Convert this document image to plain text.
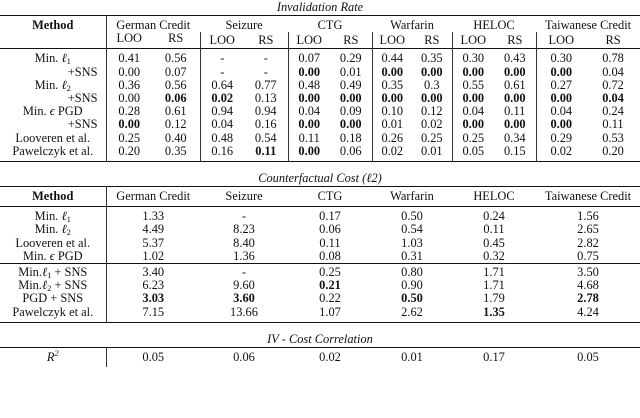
Invalidation Rate
Method	German Credit		Seizure		CTG		Warfarin		HELOC		Taiwanese Credit	
	LOO	RS	LOO	RS	LOO	RS	LOO	RS	LOO	RS	LOO	RS
Min. ℓ$_1$	0.41	0.56	-	-	0.07	0.29	0.44	0.35	0.30	0.43	0.30	0.78
+SNS	0.00	0.07	-	-	0.00	0.01	0.00	0.00	0.00	0.00	0.00	0.04
Min. ℓ$_2$	0.36	0.56	0.64	0.77	0.48	0.49	0.35	0.3	0.55	0.61	0.27	0.72
+SNS	0.00	0.06	0.02	0.13	0.00	0.00	0.00	0.00	0.00	0.00	0.00	0.04
Min. ϵ PGD	0.28	0.61	0.94	0.94	0.04	0.09	0.10	0.12	0.04	0.11	0.04	0.24
+SNS	0.00	0.12	0.04	0.16	0.00	0.00	0.01	0.02	0.00	0.00	0.00	0.11
Looveren et al.	0.25	0.40	0.48	0.54	0.11	0.18	0.26	0.25	0.25	0.34	0.29	0.53
Pawelczyk et al.	0.20	0.35	0.16	0.11	0.00	0.06	0.02	0.01	0.05	0.15	0.02	0.20
Counterfactual Cost (ℓ2)
Method	German Credit	Seizure	CTG	Warfarin	HELOC	Taiwanese Credit
Min. ℓ$_1$	1.33	-	0.17	0.50	0.24	1.56
Min. ℓ$_2$	4.49	8.23	0.06	0.54	0.11	2.65
Looveren et al.	5.37	8.40	0.11	1.03	0.45	2.82
Min. ϵ PGD	1.02	1.36	0.08	0.31	0.32	0.75
Min.ℓ$_1$ + SNS	3.40	-	0.25	0.80	1.71	3.50
Min.ℓ$_2$ + SNS	6.23	9.60	0.21	0.90	1.71	4.68
PGD + SNS	3.03	3.60	0.22	0.50	1.79	2.78
Pawelczyk et al.	7.15	13.66	1.07	2.62	1.35	4.24
IV - Cost Correlation
$R^2$	0.05	0.06	0.02	0.01	0.17	0.05
